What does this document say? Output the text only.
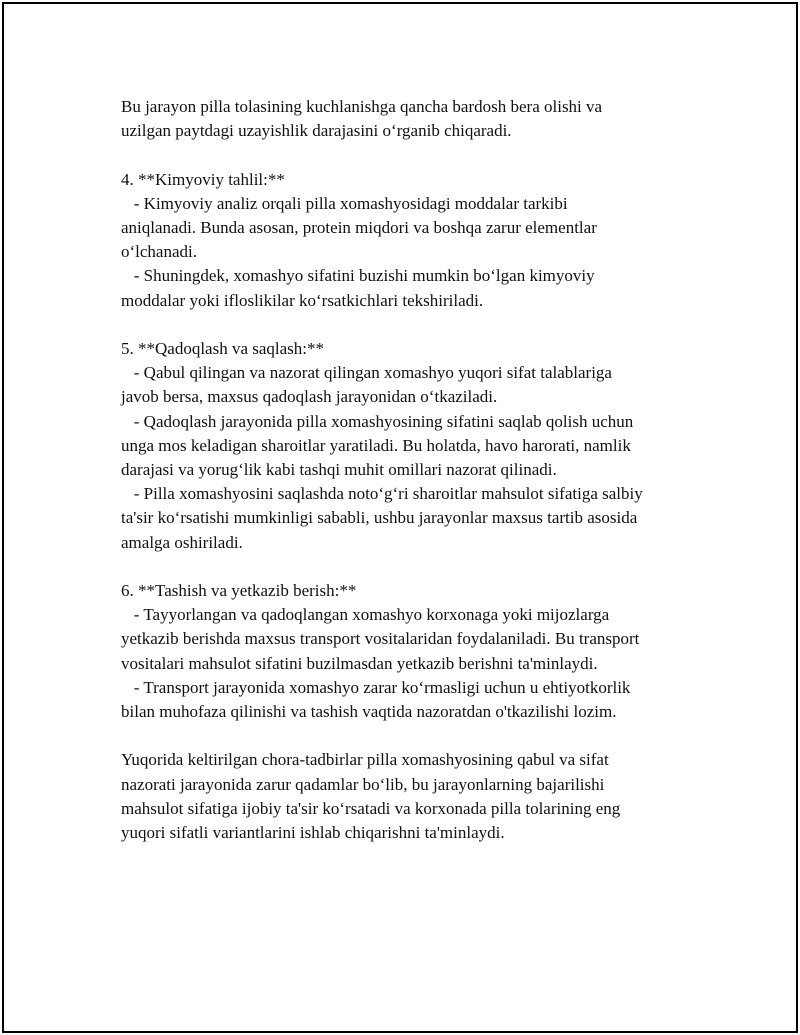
Bu jarayon pilla tolasining kuchlanishga qancha bardosh bera olishi va

uzilgan paytdagi uzayishlik darajasini oʻrganib chiqaradi.

4. **Kimyoviy tahlil:**

- Kimyoviy analiz orqali pilla xomashyosidagi moddalar tarkibi

aniqlanadi. Bunda asosan, protein miqdori va boshqa zarur elementlar

oʻlchanadi.

- Shuningdek, xomashyo sifatini buzishi mumkin boʻlgan kimyoviy

moddalar yoki ifloslikilar koʻrsatkichlari tekshiriladi.

5. **Qadoqlash va saqlash:**

- Qabul qilingan va nazorat qilingan xomashyo yuqori sifat talablariga

javob bersa, maxsus qadoqlash jarayonidan oʻtkaziladi.

- Qadoqlash jarayonida pilla xomashyosining sifatini saqlab qolish uchun

unga mos keladigan sharoitlar yaratiladi. Bu holatda, havo harorati, namlik

darajasi va yorugʻlik kabi tashqi muhit omillari nazorat qilinadi.

- Pilla xomashyosini saqlashda notoʻgʻri sharoitlar mahsulot sifatiga salbiy

ta'sir koʻrsatishi mumkinligi sababli, ushbu jarayonlar maxsus tartib asosida

amalga oshiriladi.

6. **Tashish va yetkazib berish:**

- Tayyorlangan va qadoqlangan xomashyo korxonaga yoki mijozlarga

yetkazib berishda maxsus transport vositalaridan foydalaniladi. Bu transport

vositalari mahsulot sifatini buzilmasdan yetkazib berishni ta'minlaydi.

- Transport jarayonida xomashyo zarar koʻrmasligi uchun u ehtiyotkorlik

bilan muhofaza qilinishi va tashish vaqtida nazoratdan o'tkazilishi lozim.

Yuqorida keltirilgan chora-tadbirlar pilla xomashyosining qabul va sifat

nazorati jarayonida zarur qadamlar boʻlib, bu jarayonlarning bajarilishi

mahsulot sifatiga ijobiy ta'sir koʻrsatadi va korxonada pilla tolarining eng

yuqori sifatli variantlarini ishlab chiqarishni ta'minlaydi.
